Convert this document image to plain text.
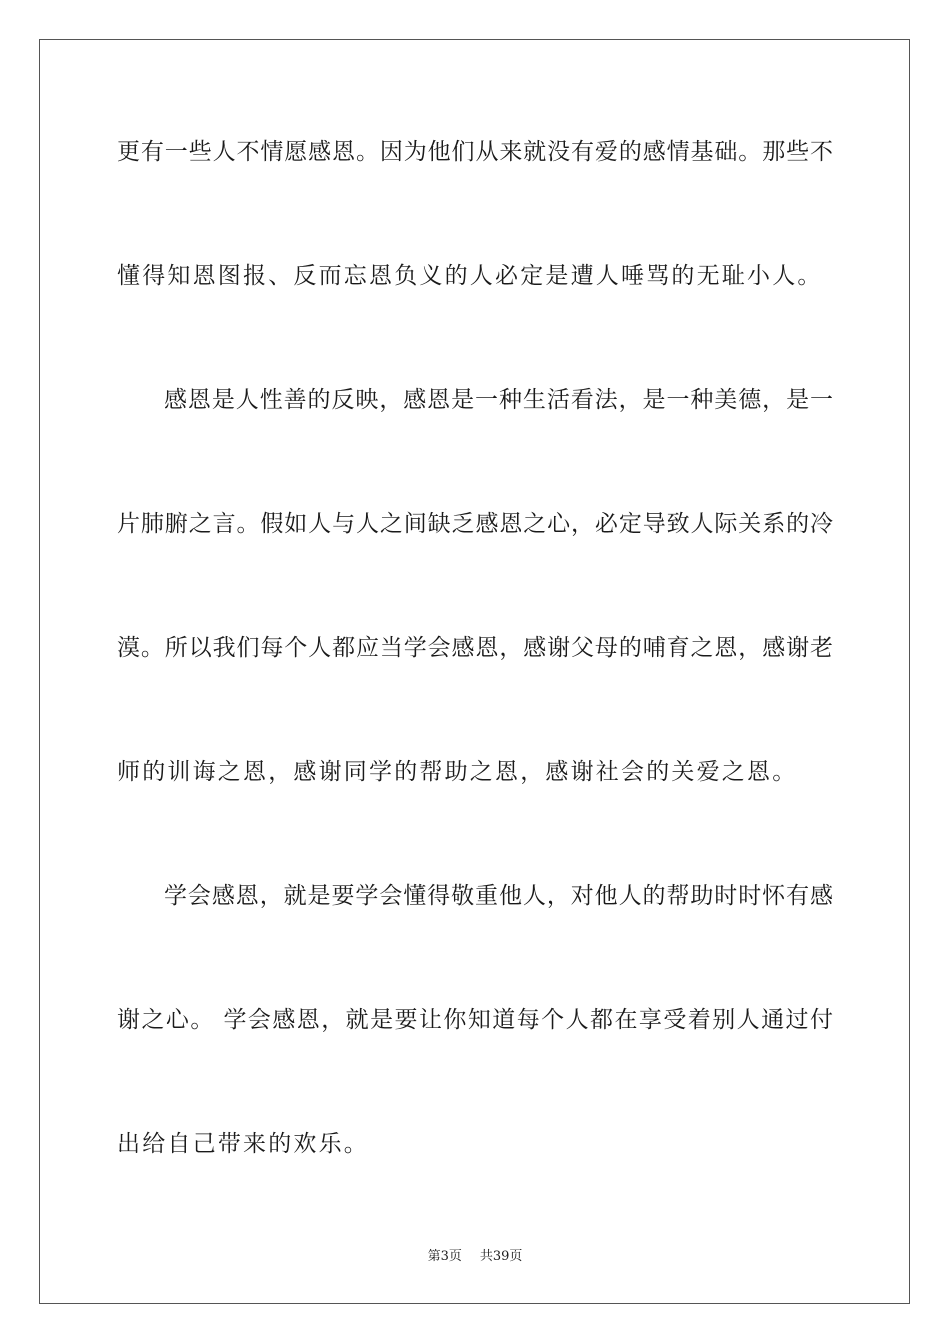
更有一些人不情愿感恩。因为他们从来就没有爱的感情基础。那些不
懂得知恩图报、反而忘恩负义的人必定是遭人唾骂的无耻小人。
感恩是人性善的反映，感恩是一种生活看法，是一种美德，是一
片肺腑之言。假如人与人之间缺乏感恩之心，必定导致人际关系的冷
漠。所以我们每个人都应当学会感恩，感谢父母的哺育之恩，感谢老
师的训诲之恩，感谢同学的帮助之恩，感谢社会的关爱之恩。
学会感恩，就是要学会懂得敬重他人，对他人的帮助时时怀有感
谢之心。 学会感恩，就是要让你知道每个人都在享受着别人通过付
出给自己带来的欢乐。
第3页 共39页
